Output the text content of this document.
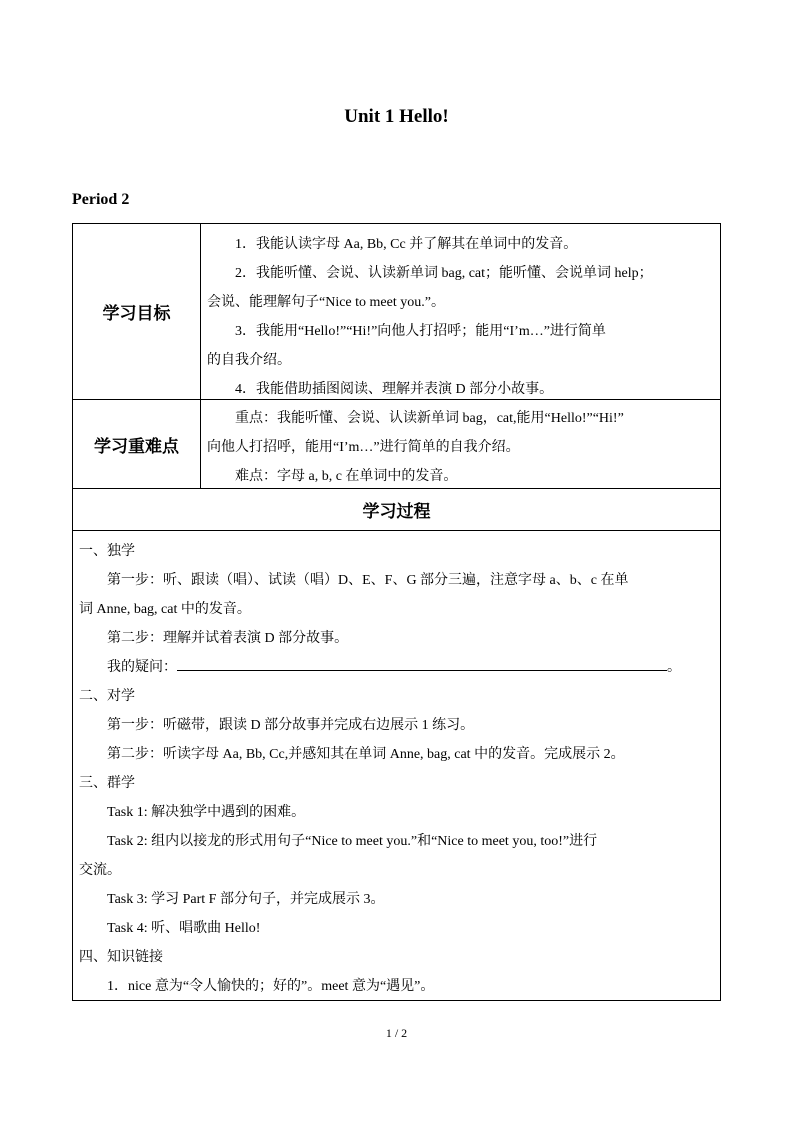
Unit 1 Hello!
Period 2
学习目标

1．我能认读字母 Aa, Bb, Cc 并了解其在单词中的发音。

2．我能听懂、会说、认读新单词 bag, cat；能听懂、会说单词 help；

会说、能理解句子“Nice to meet you.”。

3．我能用“Hello!”“Hi!”向他人打招呼；能用“I’m…”进行简单

的自我介绍。

4．我能借助插图阅读、理解并表演 D 部分小故事。

学习重难点

重点：我能听懂、会说、认读新单词 bag，cat,能用“Hello!”“Hi!”

向他人打招呼，能用“I’m…”进行简单的自我介绍。

难点：字母 a, b, c 在单词中的发音。

学习过程

一、独学

第一步：听、跟读（唱）、试读（唱）D、E、F、G 部分三遍，注意字母 a、b、c 在单

词 Anne, bag, cat 中的发音。

第二步：理解并试着表演 D 部分故事。

我的疑问：	。

二、对学

第一步：听磁带，跟读 D 部分故事并完成右边展示 1 练习。

第二步：听读字母 Aa, Bb, Cc,并感知其在单词 Anne, bag, cat 中的发音。完成展示 2。

三、群学

Task 1: 解决独学中遇到的困难。

Task 2: 组内以接龙的形式用句子“Nice to meet you.”和“Nice to meet you, too!”进行

交流。

Task 3: 学习 Part F 部分句子，并完成展示 3。

Task 4: 听、唱歌曲 Hello!

四、知识链接

1．nice 意为“令人愉快的；好的”。meet 意为“遇见”。

1 / 2
